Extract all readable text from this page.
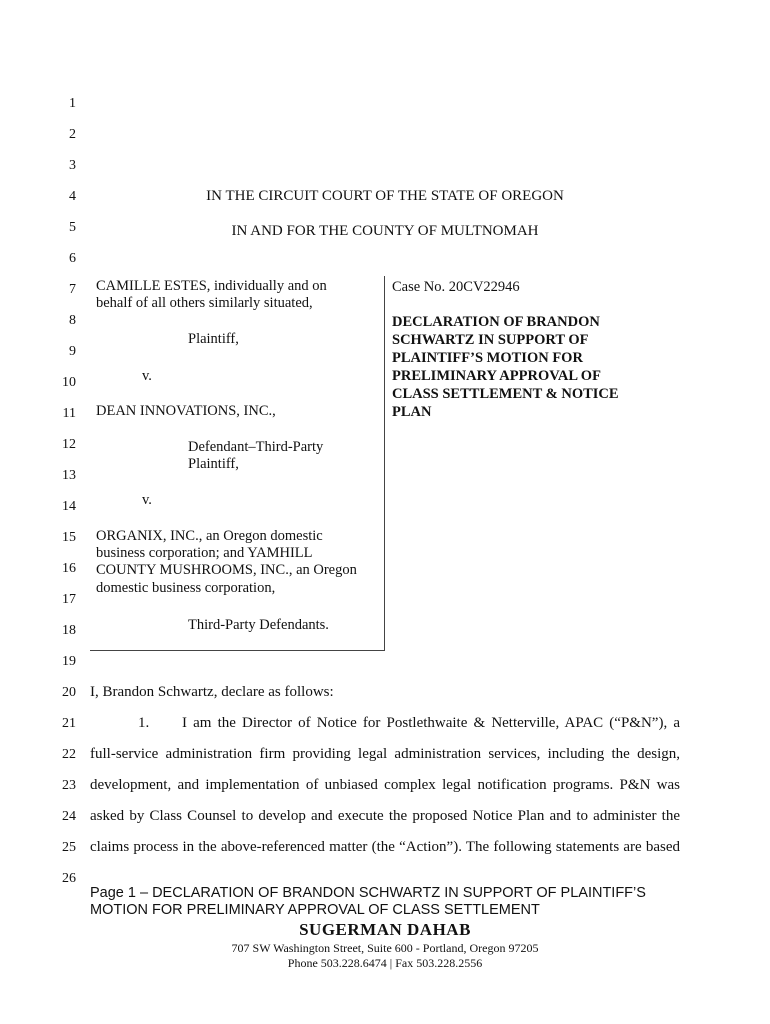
1
2
3
4
5
6
7
8
9
10
11
12
13
14
15
16
17
18
19
20
21
22
23
24
25
26
IN THE CIRCUIT COURT OF THE STATE OF OREGON
IN AND FOR THE COUNTY OF MULTNOMAH
CAMILLE ESTES, individually and on
behalf of all others similarly situated,
Plaintiff,
v.
DEAN INNOVATIONS, INC.,
Defendant–Third-Party
Plaintiff,
v.
ORGANIX, INC., an Oregon domestic
business corporation; and YAMHILL
COUNTY MUSHROOMS, INC., an Oregon
domestic business corporation,
Third-Party Defendants.
Case No. 20CV22946
DECLARATION OF BRANDON
SCHWARTZ IN SUPPORT OF
PLAINTIFF’S MOTION FOR
PRELIMINARY APPROVAL OF
CLASS SETTLEMENT & NOTICE
PLAN
I, Brandon Schwartz, declare as follows:
1.	I am the Director of Notice for Postlethwaite & Netterville, APAC (“P&N”), a
full-service administration firm providing legal administration services, including the design,
development, and implementation of unbiased complex legal notification programs. P&N was
asked by Class Counsel to develop and execute the proposed Notice Plan and to administer the
claims process in the above-referenced matter (the “Action”). The following statements are based
Page 1 – DECLARATION OF BRANDON SCHWARTZ IN SUPPORT OF PLAINTIFF’S
MOTION FOR PRELIMINARY APPROVAL OF CLASS SETTLEMENT
SUGERMAN DAHAB
707 SW Washington Street, Suite 600 - Portland, Oregon 97205
Phone 503.228.6474 | Fax 503.228.2556
